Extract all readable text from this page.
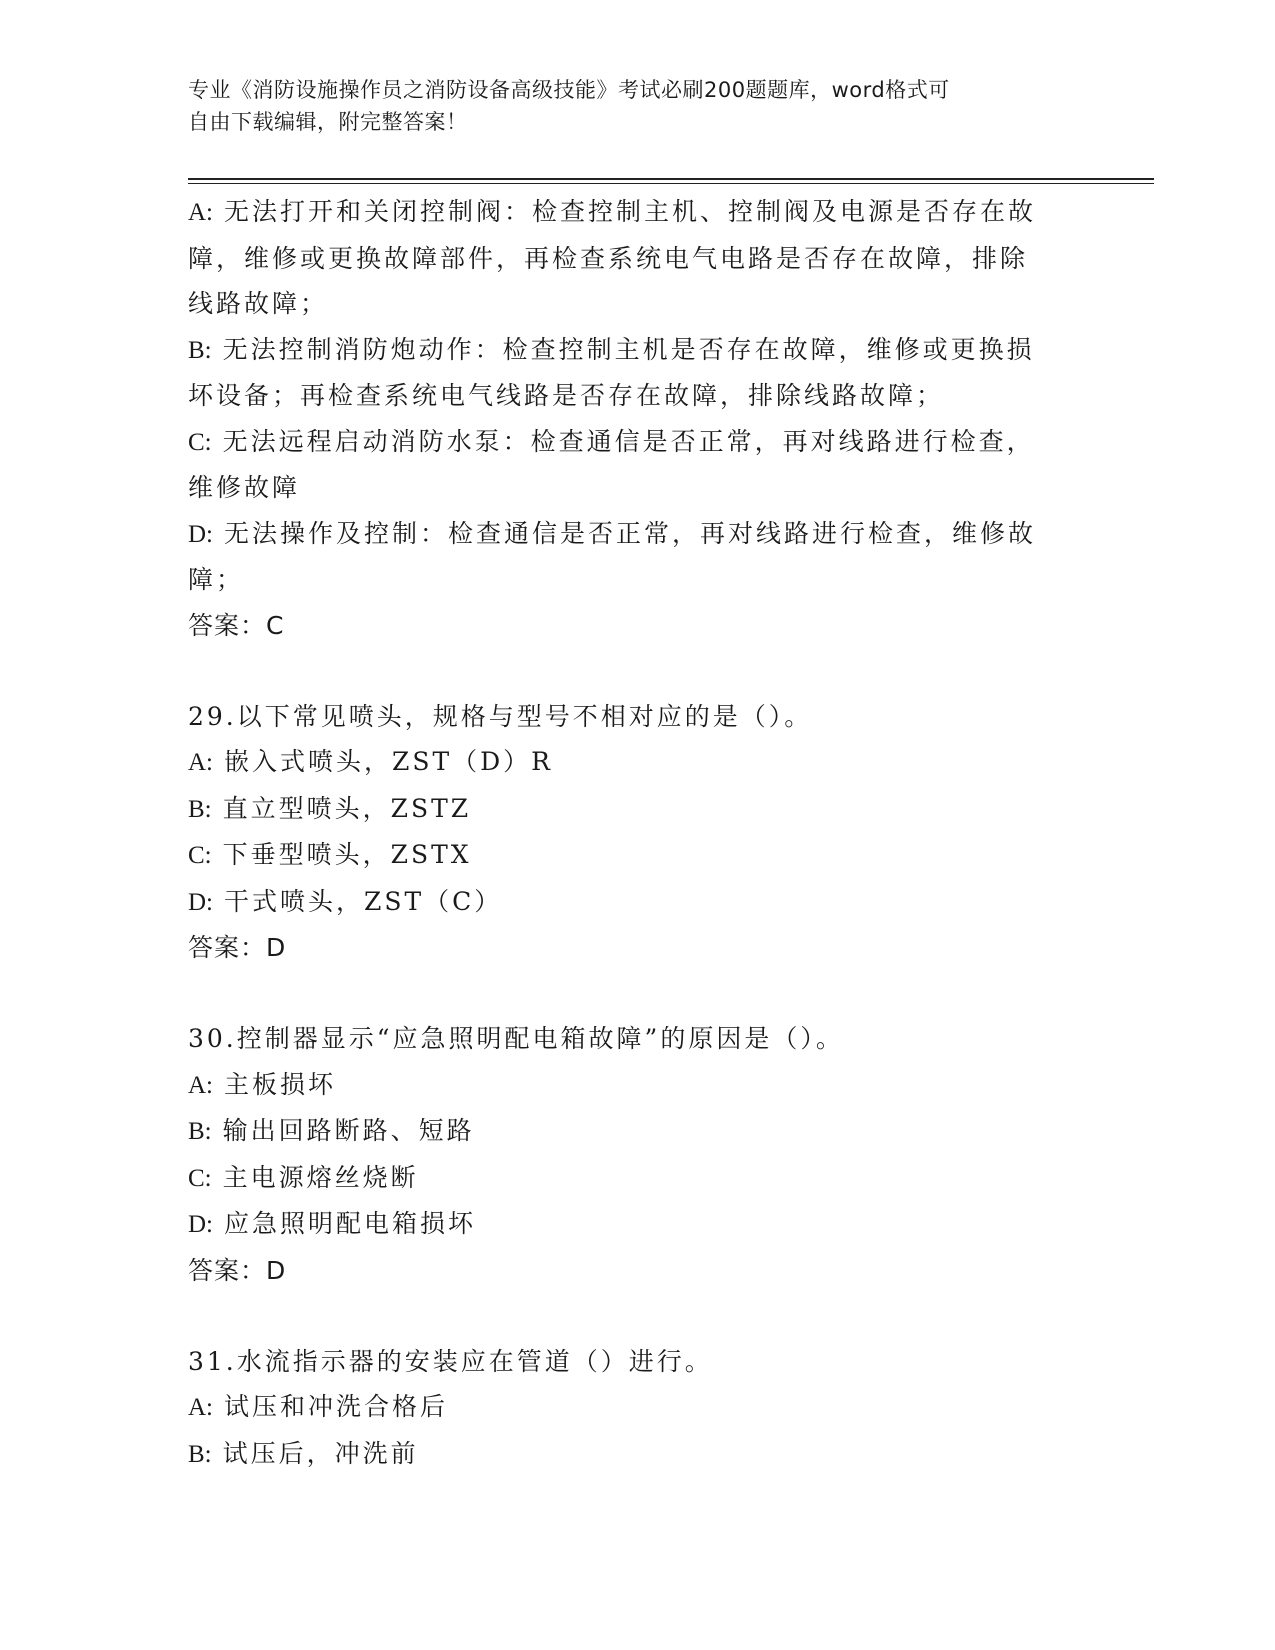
专业《消防设施操作员之消防设备高级技能》考试必刷200题题库，word格式可
自由下载编辑，附完整答案！
A: 无法打开和关闭控制阀：检查控制主机、控制阀及电源是否存在故
障，维修或更换故障部件，再检查系统电气电路是否存在故障，排除
线路故障；
B: 无法控制消防炮动作：检查控制主机是否存在故障，维修或更换损
坏设备；再检查系统电气线路是否存在故障，排除线路故障；
C: 无法远程启动消防水泵：检查通信是否正常，再对线路进行检查，
维修故障
D: 无法操作及控制：检查通信是否正常，再对线路进行检查，维修故
障；
答案：C
29.以下常见喷头，规格与型号不相对应的是（）。
A: 嵌入式喷头，ZST（D）R
B: 直立型喷头，ZSTZ
C: 下垂型喷头，ZSTX
D: 干式喷头，ZST（C）
答案：D
30.控制器显示“应急照明配电箱故障”的原因是（）。
A: 主板损坏
B: 输出回路断路、短路
C: 主电源熔丝烧断
D: 应急照明配电箱损坏
答案：D
31.水流指示器的安装应在管道（）进行。
A: 试压和冲洗合格后
B: 试压后，冲洗前
